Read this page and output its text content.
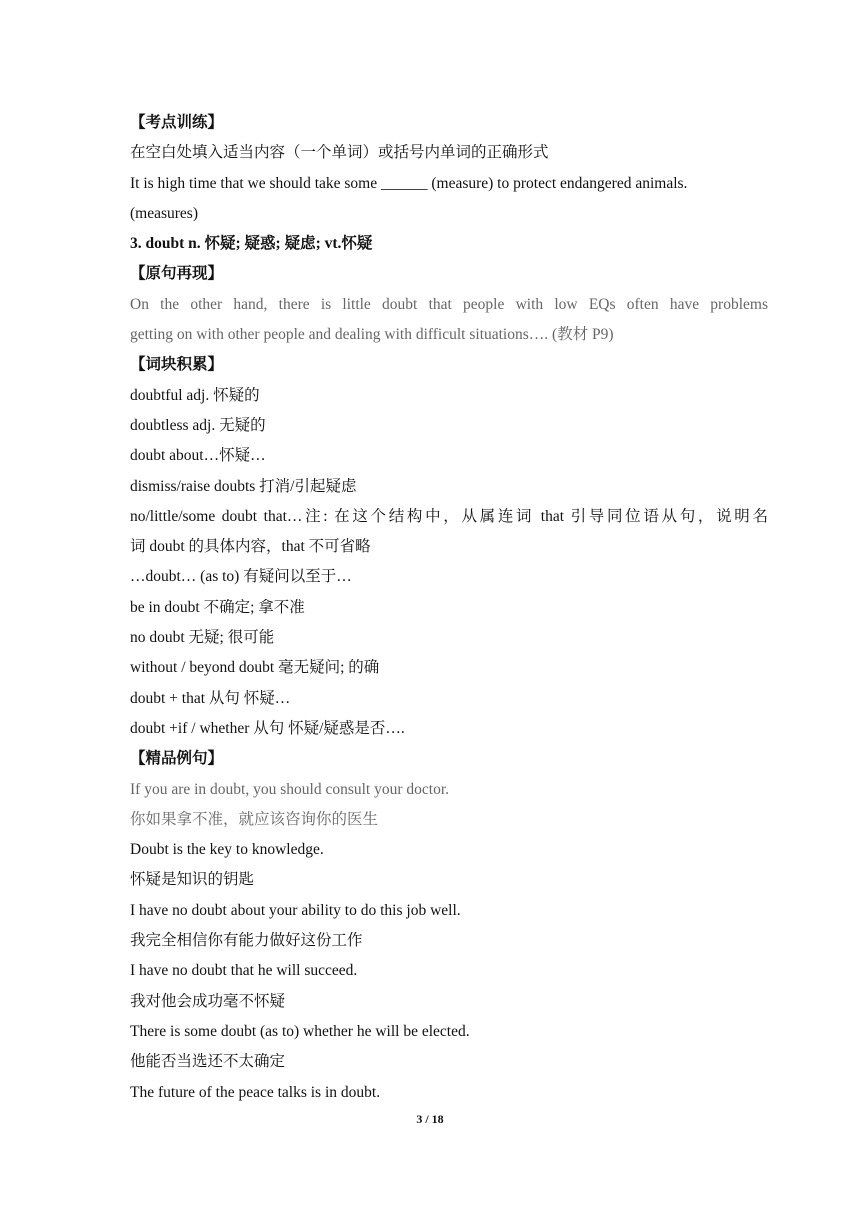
【考点训练】
在空白处填入适当内容（一个单词）或括号内单词的正确形式
It is high time that we should take some ______ (measure) to protect endangered animals.
(measures)
3. doubt n. 怀疑; 疑惑; 疑虑; vt.怀疑
【原句再现】
On the other hand, there is little doubt that people with low EQs often have problems
getting on with other people and dealing with difficult situations…. (教材 P9)
【词块积累】
doubtful adj. 怀疑的
doubtless adj. 无疑的
doubt about…怀疑…
dismiss/raise doubts 打消/引起疑虑
no/little/some doubt that…注: 在这个结构中，从属连词 that 引导同位语从句，说明名
词 doubt 的具体内容，that 不可省略
…doubt… (as to) 有疑问以至于…
be in doubt 不确定; 拿不准
no doubt 无疑; 很可能
without / beyond doubt 毫无疑问; 的确
doubt + that 从句 怀疑…
doubt +if / whether 从句 怀疑/疑惑是否….
【精品例句】
If you are in doubt, you should consult your doctor.
你如果拿不准，就应该咨询你的医生
Doubt is the key to knowledge.
怀疑是知识的钥匙
I have no doubt about your ability to do this job well.
我完全相信你有能力做好这份工作
I have no doubt that he will succeed.
我对他会成功毫不怀疑
There is some doubt (as to) whether he will be elected.
他能否当选还不太确定
The future of the peace talks is in doubt.
3 / 18
